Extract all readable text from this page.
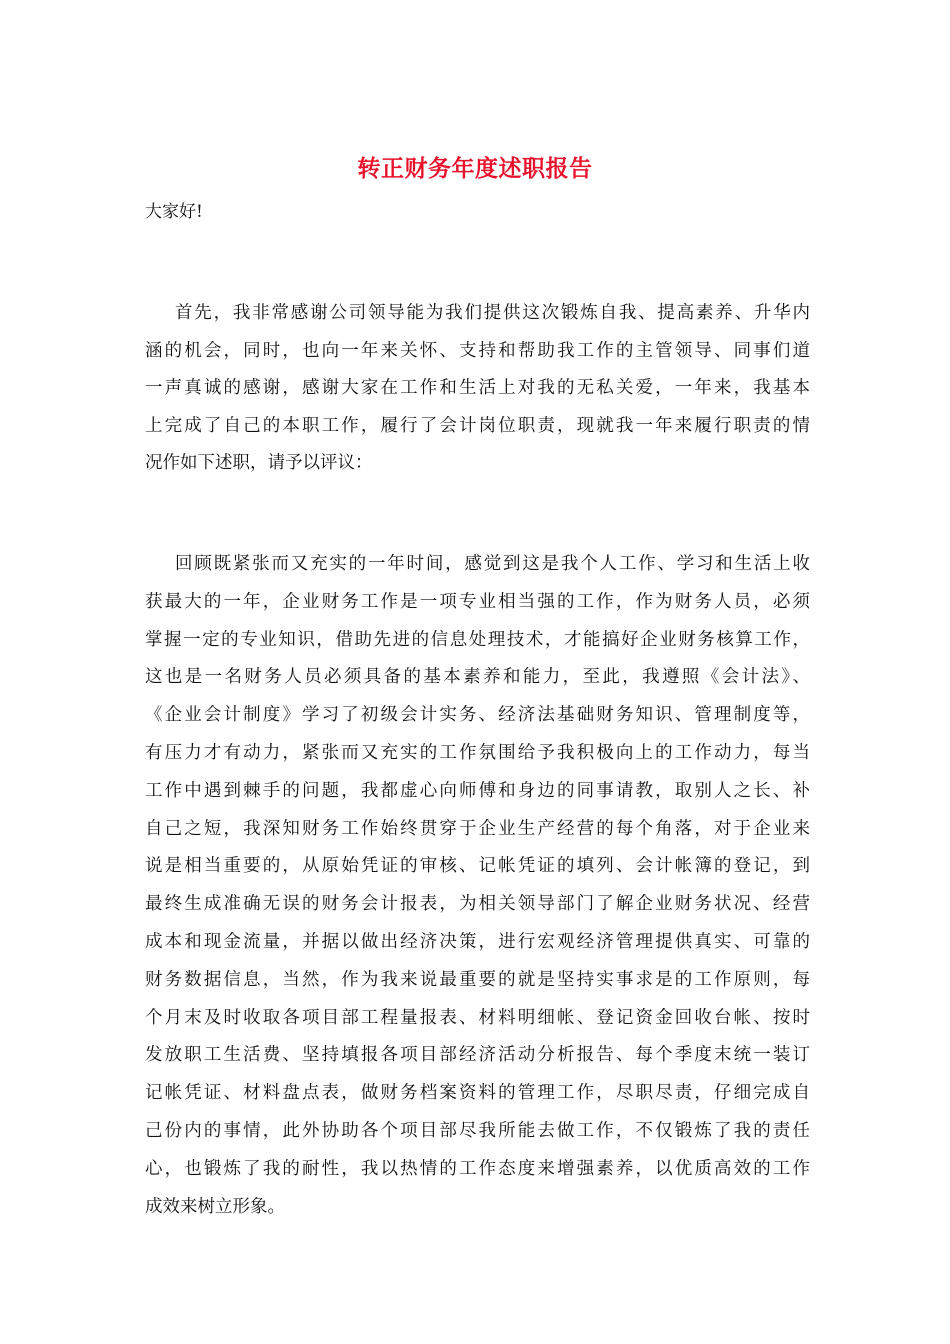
转正财务年度述职报告
大家好!
首先，我非常感谢公司领导能为我们提供这次锻炼自我、提高素养、升华内
涵的机会，同时，也向一年来关怀、支持和帮助我工作的主管领导、同事们道
一声真诚的感谢，感谢大家在工作和生活上对我的无私关爱，一年来，我基本
上完成了自己的本职工作，履行了会计岗位职责，现就我一年来履行职责的情
况作如下述职，请予以评议：
回顾既紧张而又充实的一年时间，感觉到这是我个人工作、学习和生活上收
获最大的一年，企业财务工作是一项专业相当强的工作，作为财务人员，必须
掌握一定的专业知识，借助先进的信息处理技术，才能搞好企业财务核算工作，
这也是一名财务人员必须具备的基本素养和能力，至此，我遵照《会计法》、
《企业会计制度》学习了初级会计实务、经济法基础财务知识、管理制度等，
有压力才有动力，紧张而又充实的工作氛围给予我积极向上的工作动力，每当
工作中遇到棘手的问题，我都虚心向师傅和身边的同事请教，取别人之长、补
自己之短，我深知财务工作始终贯穿于企业生产经营的每个角落，对于企业来
说是相当重要的，从原始凭证的审核、记帐凭证的填列、会计帐簿的登记，到
最终生成准确无误的财务会计报表，为相关领导部门了解企业财务状况、经营
成本和现金流量，并据以做出经济决策，进行宏观经济管理提供真实、可靠的
财务数据信息，当然，作为我来说最重要的就是坚持实事求是的工作原则，每
个月末及时收取各项目部工程量报表、材料明细帐、登记资金回收台帐、按时
发放职工生活费、坚持填报各项目部经济活动分析报告、每个季度末统一装订
记帐凭证、材料盘点表，做财务档案资料的管理工作，尽职尽责，仔细完成自
己份内的事情，此外协助各个项目部尽我所能去做工作，不仅锻炼了我的责任
心，也锻炼了我的耐性，我以热情的工作态度来增强素养，以优质高效的工作
成效来树立形象。
